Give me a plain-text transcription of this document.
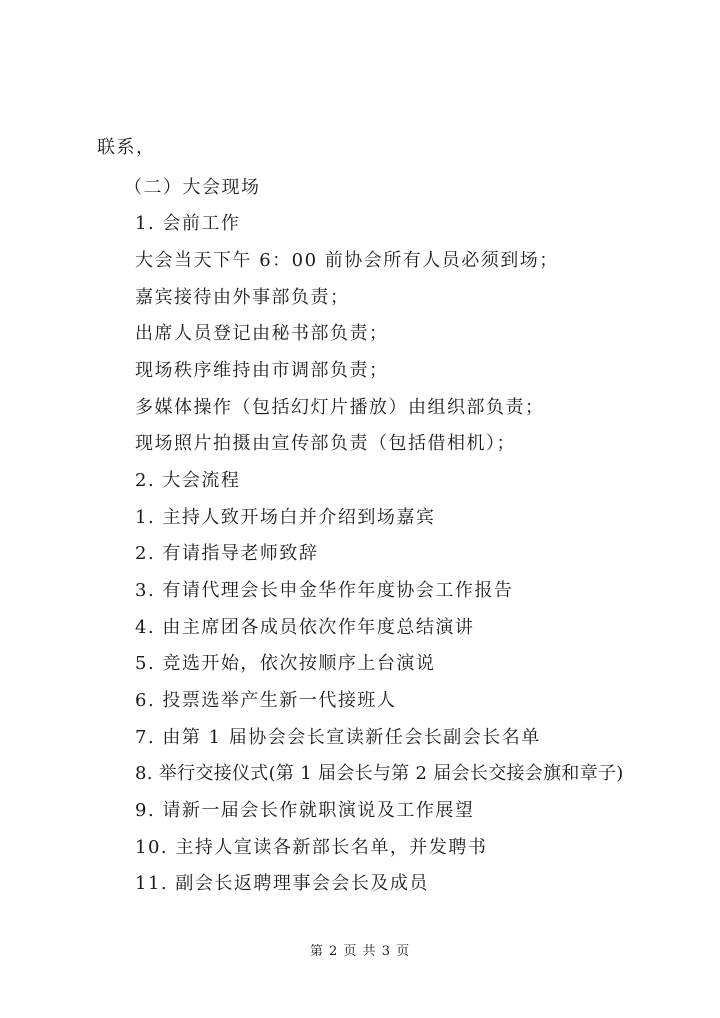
联系，
（二）大会现场
1. 会前工作
大会当天下午 6：00 前协会所有人员必须到场；
嘉宾接待由外事部负责；
出席人员登记由秘书部负责；
现场秩序维持由市调部负责；
多媒体操作（包括幻灯片播放）由组织部负责；
现场照片拍摄由宣传部负责（包括借相机）；
2. 大会流程
1. 主持人致开场白并介绍到场嘉宾
2. 有请指导老师致辞
3. 有请代理会长申金华作年度协会工作报告
4. 由主席团各成员依次作年度总结演讲
5. 竞选开始，依次按顺序上台演说
6. 投票选举产生新一代接班人
7. 由第 1 届协会会长宣读新任会长副会长名单
8. 举行交接仪式(第 1 届会长与第 2 届会长交接会旗和章子)
9. 请新一届会长作就职演说及工作展望
10. 主持人宣读各新部长名单，并发聘书
11. 副会长返聘理事会会长及成员
第 2 页 共 3 页
